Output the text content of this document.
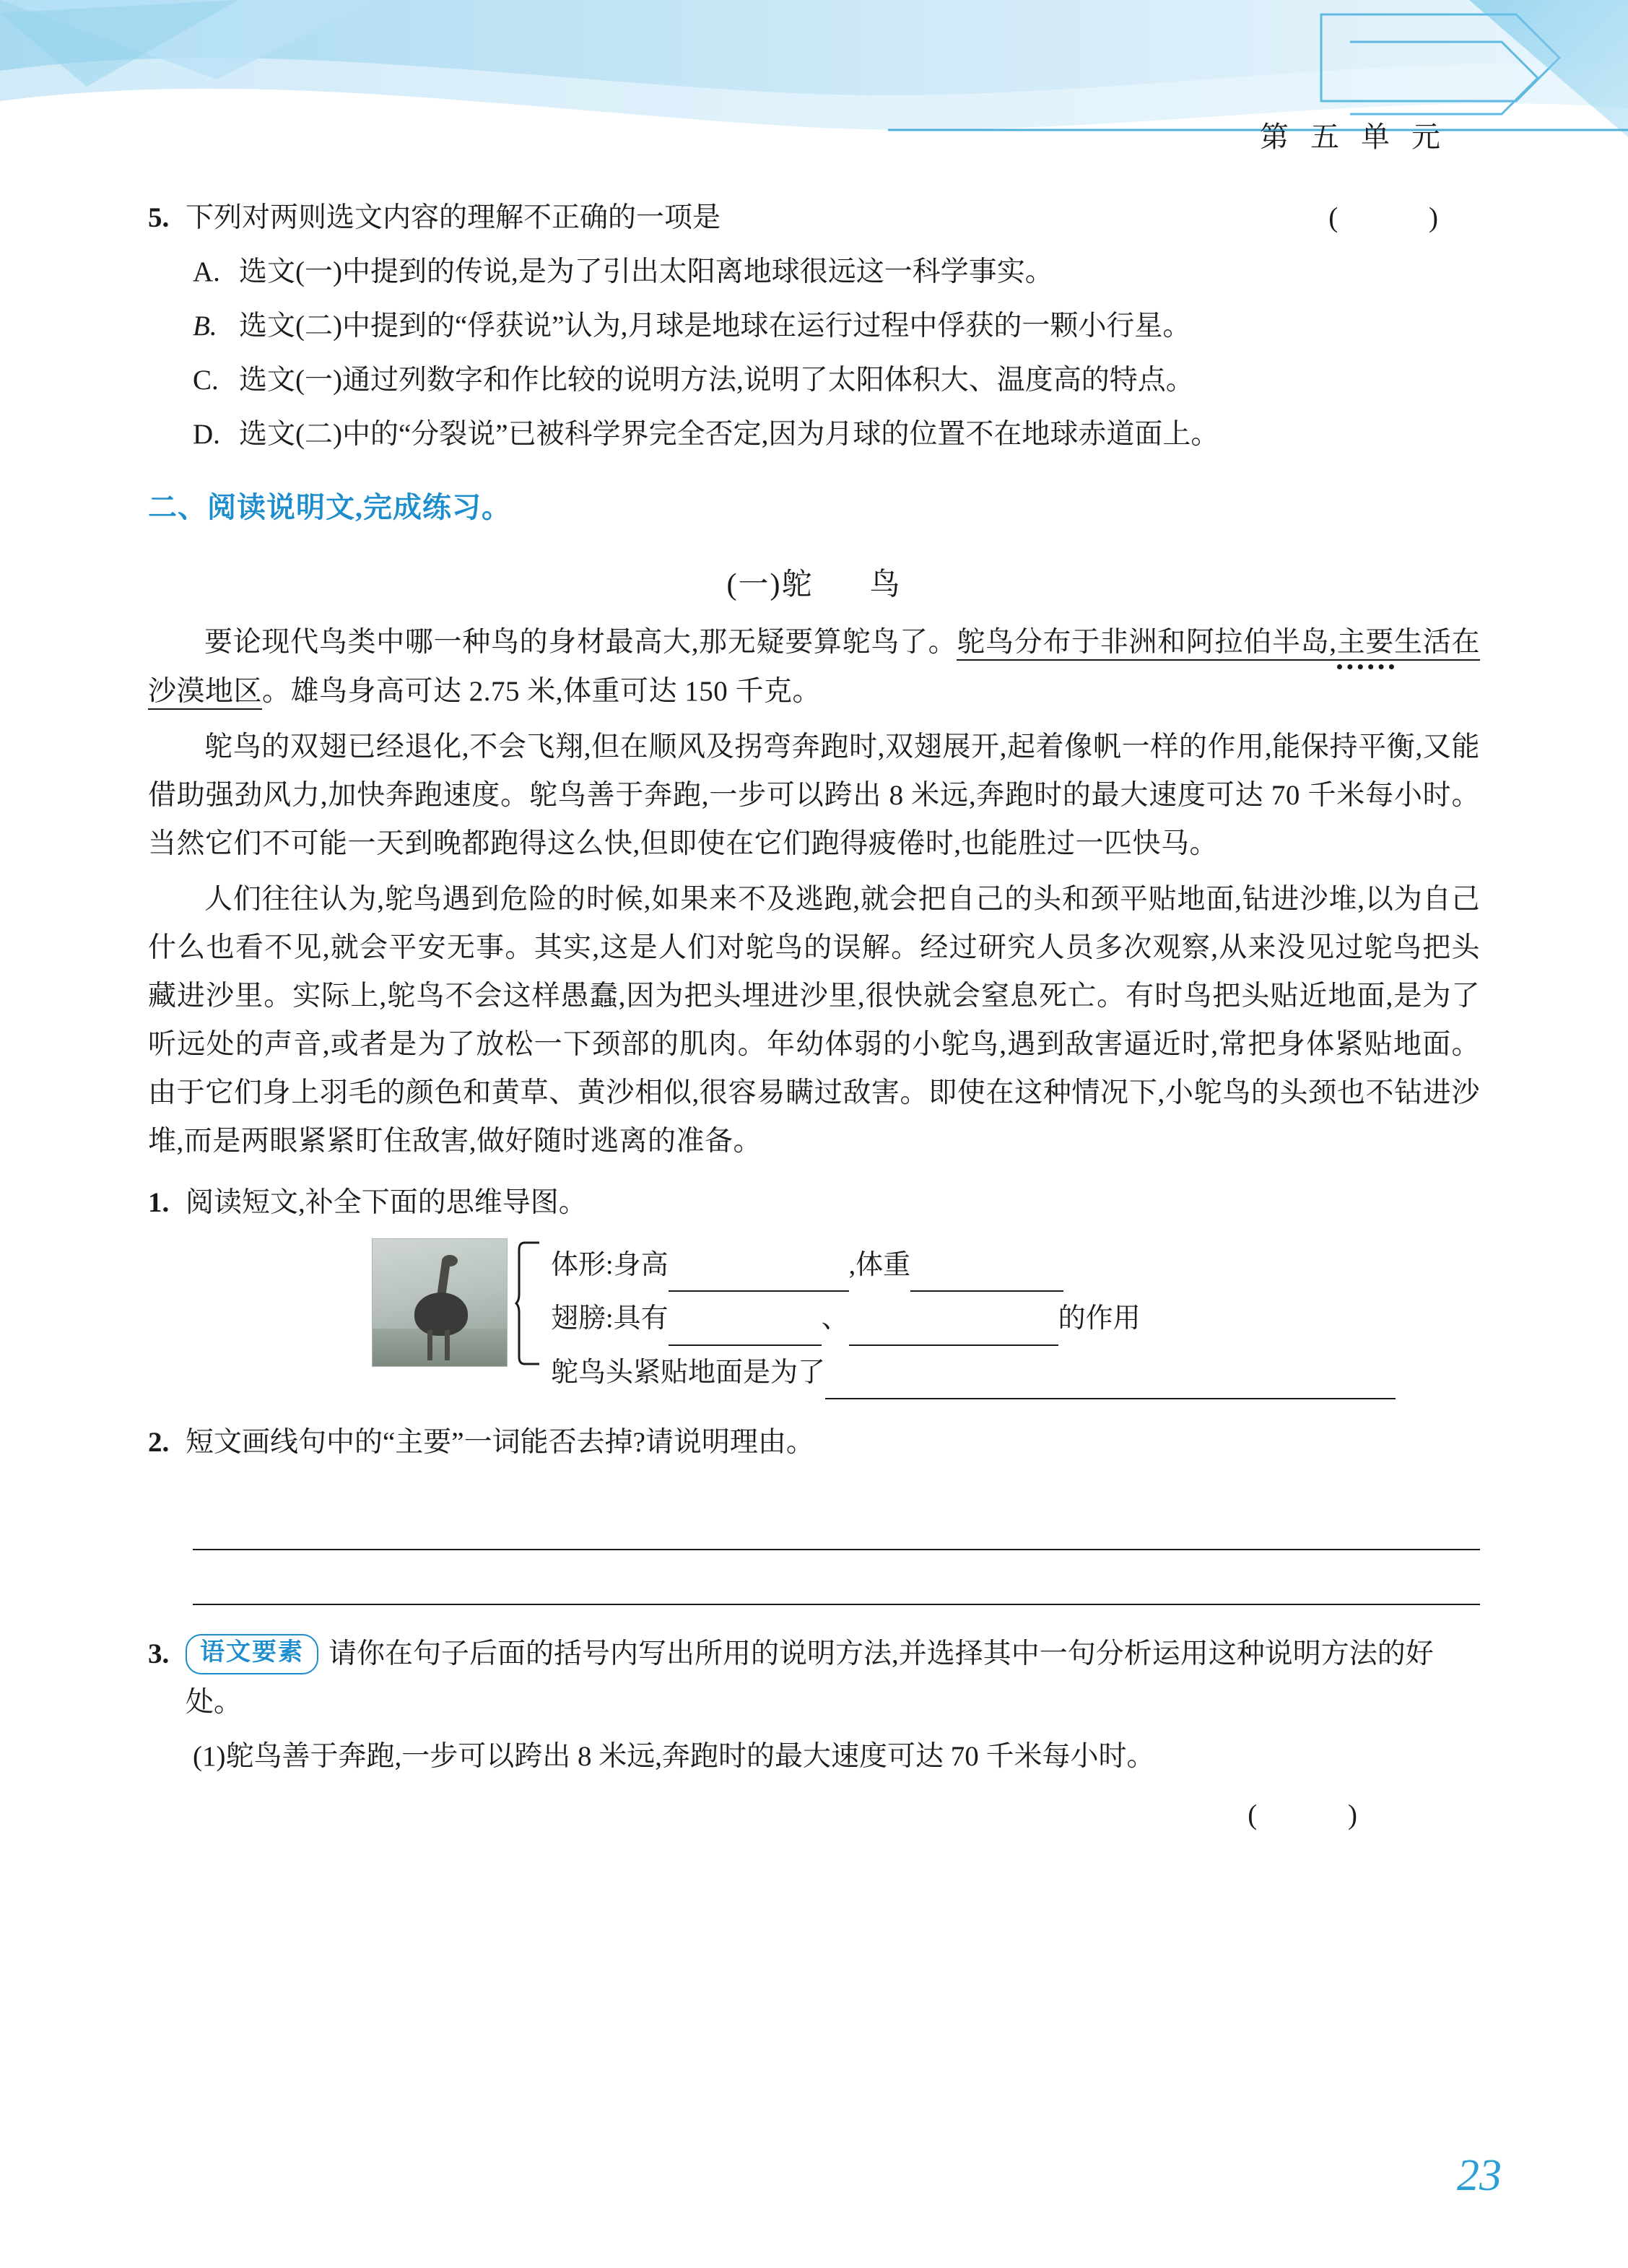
第 五 单 元
5.	( )
下列对两则选文内容的理解不正确的一项是
A. 选文(一)中提到的传说,是为了引出太阳离地球很远这一科学事实。
B. 选文(二)中提到的“俘获说”认为,月球是地球在运行过程中俘获的一颗小行星。
C. 选文(一)通过列数字和作比较的说明方法,说明了太阳体积大、温度高的特点。
D. 选文(二)中的“分裂说”已被科学界完全否定,因为月球的位置不在地球赤道面上。
二、阅读说明文,完成练习。
(一)鸵 鸟
要论现代鸟类中哪一种鸟的身材最高大,那无疑要算鸵鸟了。鸵鸟分布于非洲和阿拉伯半岛,主要生活在沙漠地区。雄鸟身高可达 2.75 米,体重可达 150 千克。
鸵鸟的双翅已经退化,不会飞翔,但在顺风及拐弯奔跑时,双翅展开,起着像帆一样的作用,能保持平衡,又能借助强劲风力,加快奔跑速度。鸵鸟善于奔跑,一步可以跨出 8 米远,奔跑时的最大速度可达 70 千米每小时。当然它们不可能一天到晚都跑得这么快,但即使在它们跑得疲倦时,也能胜过一匹快马。
人们往往认为,鸵鸟遇到危险的时候,如果来不及逃跑,就会把自己的头和颈平贴地面,钻进沙堆,以为自己什么也看不见,就会平安无事。其实,这是人们对鸵鸟的误解。经过研究人员多次观察,从来没见过鸵鸟把头藏进沙里。实际上,鸵鸟不会这样愚蠢,因为把头埋进沙里,很快就会窒息死亡。有时鸟把头贴近地面,是为了听远处的声音,或者是为了放松一下颈部的肌肉。年幼体弱的小鸵鸟,遇到敌害逼近时,常把身体紧贴地面。由于它们身上羽毛的颜色和黄草、黄沙相似,很容易瞒过敌害。即使在这种情况下,小鸵鸟的头颈也不钻进沙堆,而是两眼紧紧盯住敌害,做好随时逃离的准备。
1. 阅读短文,补全下面的思维导图。
体形:身高	,体重
翅膀:具有	、	的作用
鸵鸟头紧贴地面是为了
2. 短文画线句中的“主要”一词能否去掉?请说明理由。
3.	语文要素 请你在句子后面的括号内写出所用的说明方法,并选择其中一句分析运用这种说明方法的好处。
(1)鸵鸟善于奔跑,一步可以跨出 8 米远,奔跑时的最大速度可达 70 千米每小时。
( )
23
